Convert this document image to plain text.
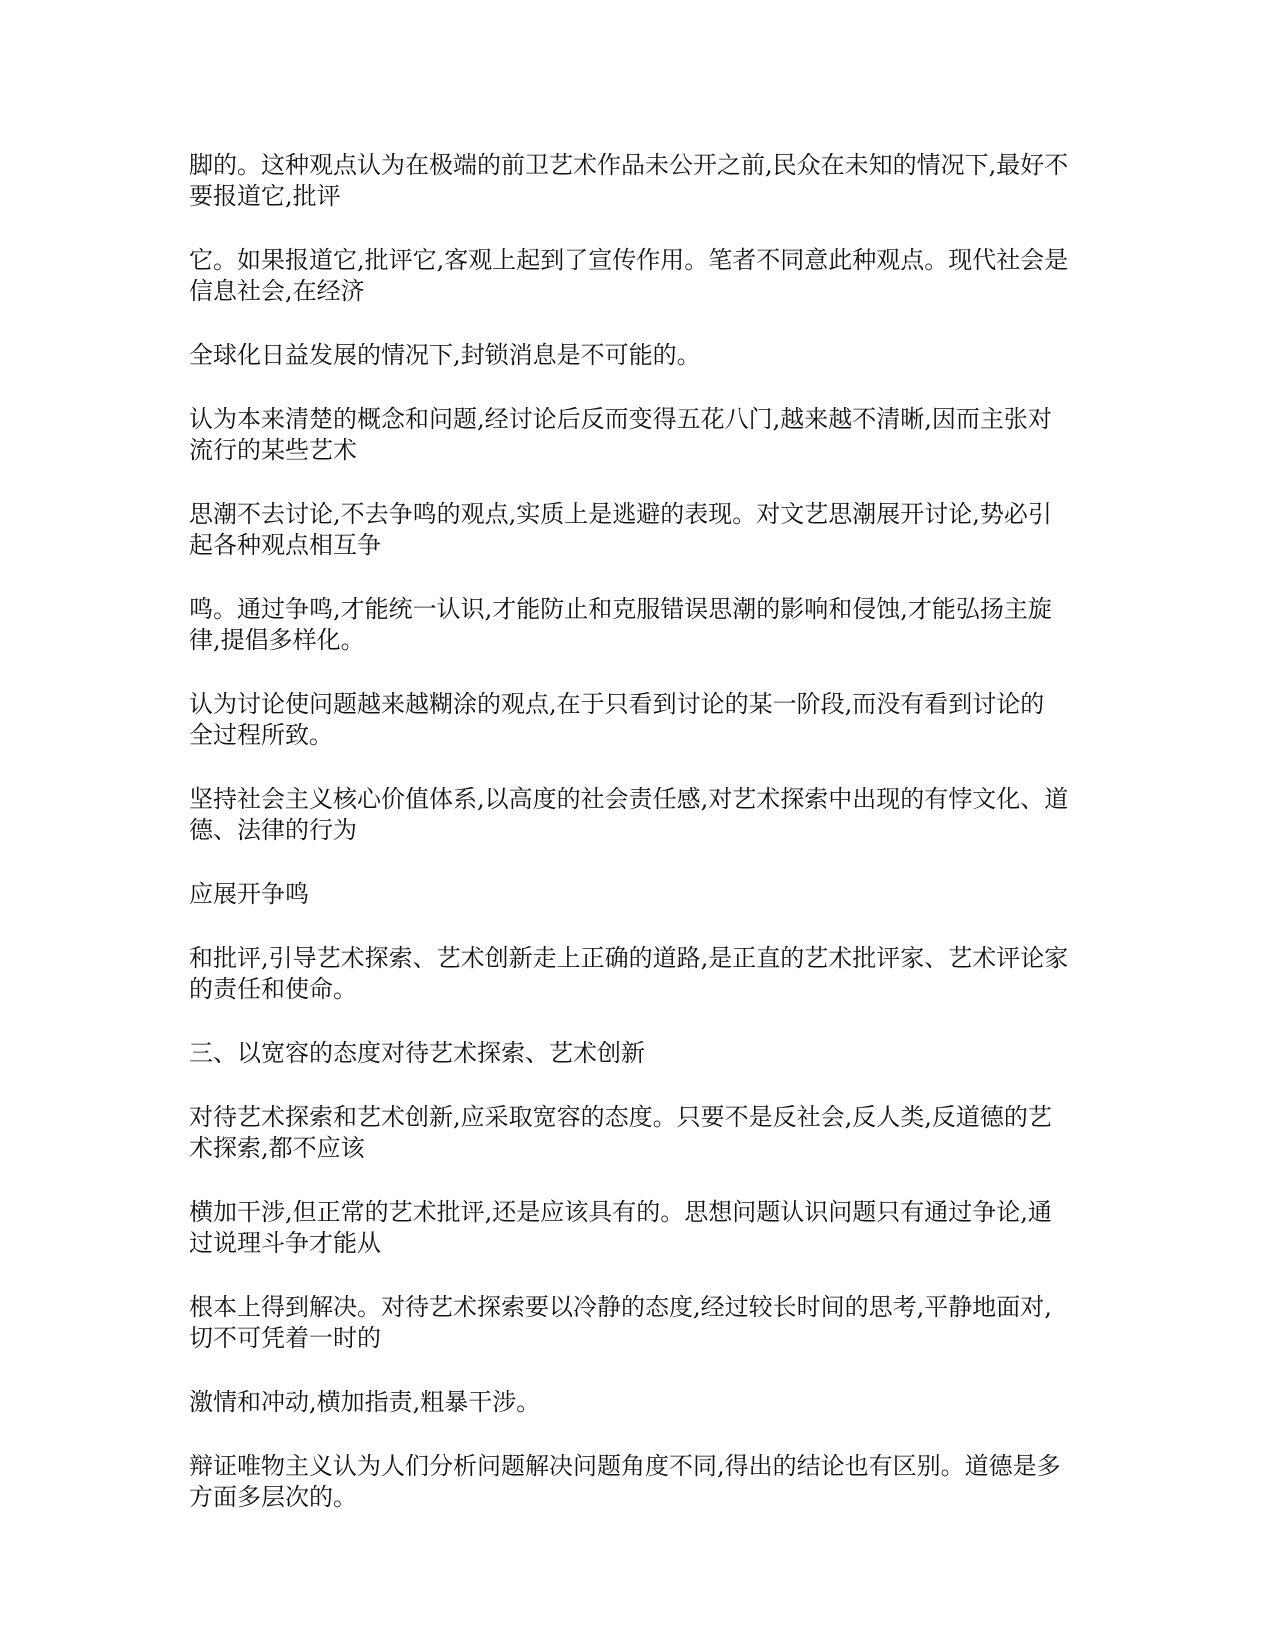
脚的。这种观点认为在极端的前卫艺术作品未公开之前,民众在未知的情况下,最好不
要报道它,批评

它。如果报道它,批评它,客观上起到了宣传作用。笔者不同意此种观点。现代社会是
信息社会,在经济

全球化日益发展的情况下,封锁消息是不可能的。

认为本来清楚的概念和问题,经讨论后反而变得五花八门,越来越不清晰,因而主张对
流行的某些艺术

思潮不去讨论,不去争鸣的观点,实质上是逃避的表现。对文艺思潮展开讨论,势必引
起各种观点相互争

鸣。通过争鸣,才能统一认识,才能防止和克服错误思潮的影响和侵蚀,才能弘扬主旋
律,提倡多样化。

认为讨论使问题越来越糊涂的观点,在于只看到讨论的某一阶段,而没有看到讨论的
全过程所致。

坚持社会主义核心价值体系,以高度的社会责任感,对艺术探索中出现的有悖文化、道
德、法律的行为

应展开争鸣

和批评,引导艺术探索、艺术创新走上正确的道路,是正直的艺术批评家、艺术评论家
的责任和使命。

三、以宽容的态度对待艺术探索、艺术创新

对待艺术探索和艺术创新,应采取宽容的态度。只要不是反社会,反人类,反道德的艺
术探索,都不应该

横加干涉,但正常的艺术批评,还是应该具有的。思想问题认识问题只有通过争论,通
过说理斗争才能从

根本上得到解决。对待艺术探索要以冷静的态度,经过较长时间的思考,平静地面对,
切不可凭着一时的

激情和冲动,横加指责,粗暴干涉。

辩证唯物主义认为人们分析问题解决问题角度不同,得出的结论也有区别。道德是多
方面多层次的。
